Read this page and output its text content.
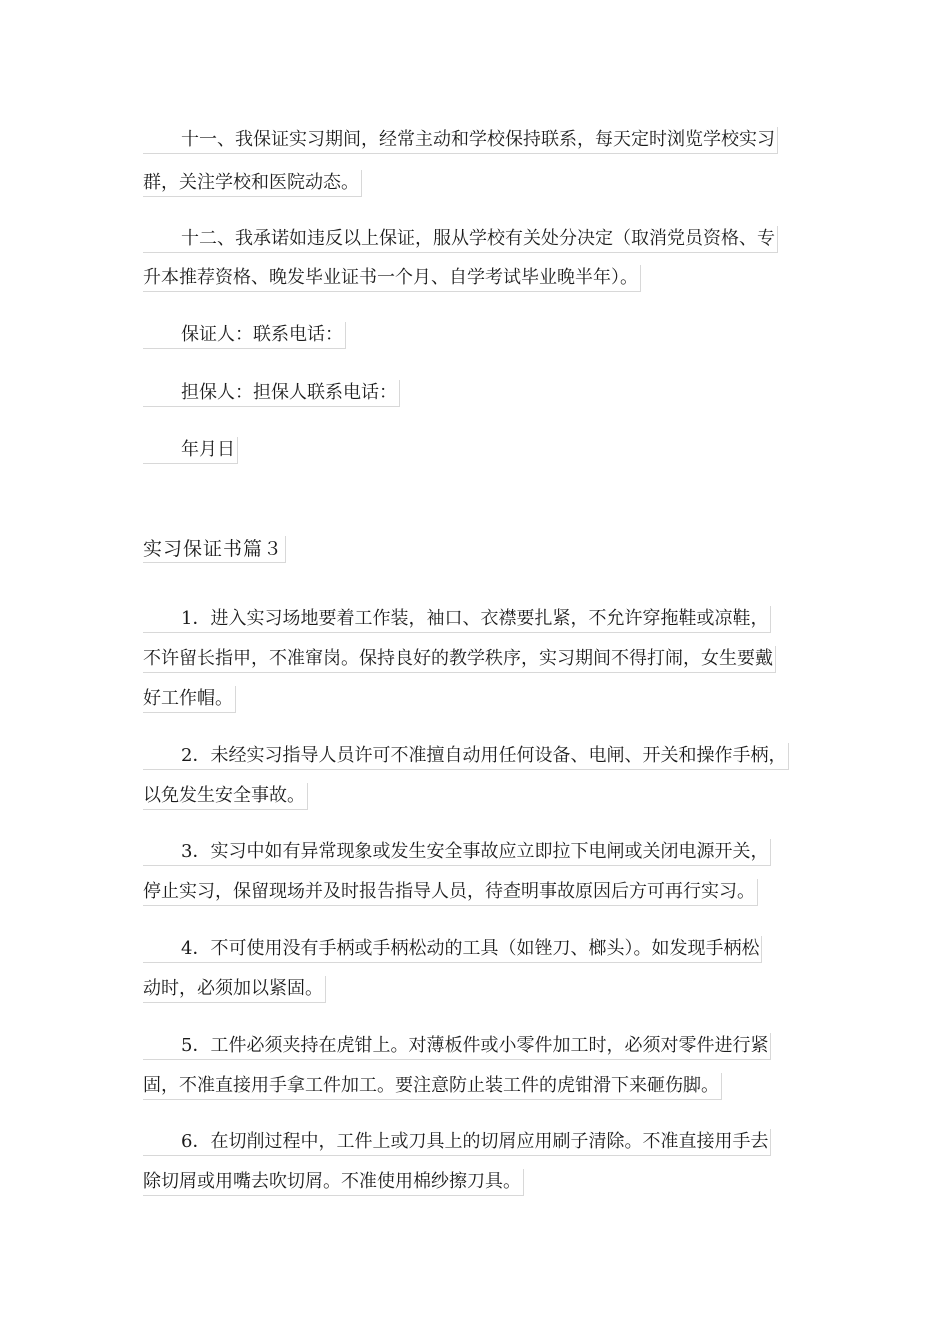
十一、我保证实习期间，经常主动和学校保持联系，每天定时浏览学校实习
群，关注学校和医院动态。
十二、我承诺如违反以上保证，服从学校有关处分决定（取消党员资格、专
升本推荐资格、晚发毕业证书一个月、自学考试毕业晚半年）。
保证人：联系电话：
担保人：担保人联系电话：
年月日
实习保证书篇３
1．进入实习场地要着工作装，袖口、衣襟要扎紧，不允许穿拖鞋或凉鞋，
不许留长指甲，不准窜岗。保持良好的教学秩序，实习期间不得打闹，女生要戴
好工作帽。
2．未经实习指导人员许可不准擅自动用任何设备、电闸、开关和操作手柄，
以免发生安全事故。
3．实习中如有异常现象或发生安全事故应立即拉下电闸或关闭电源开关，
停止实习，保留现场并及时报告指导人员，待查明事故原因后方可再行实习。
4．不可使用没有手柄或手柄松动的工具（如锉刀、榔头）。如发现手柄松
动时，必须加以紧固。
5．工件必须夹持在虎钳上。对薄板件或小零件加工时，必须对零件进行紧
固，不准直接用手拿工件加工。要注意防止装工件的虎钳滑下来砸伤脚。
6．在切削过程中，工件上或刀具上的切屑应用刷子清除。不准直接用手去
除切屑或用嘴去吹切屑。不准使用棉纱擦刀具。
